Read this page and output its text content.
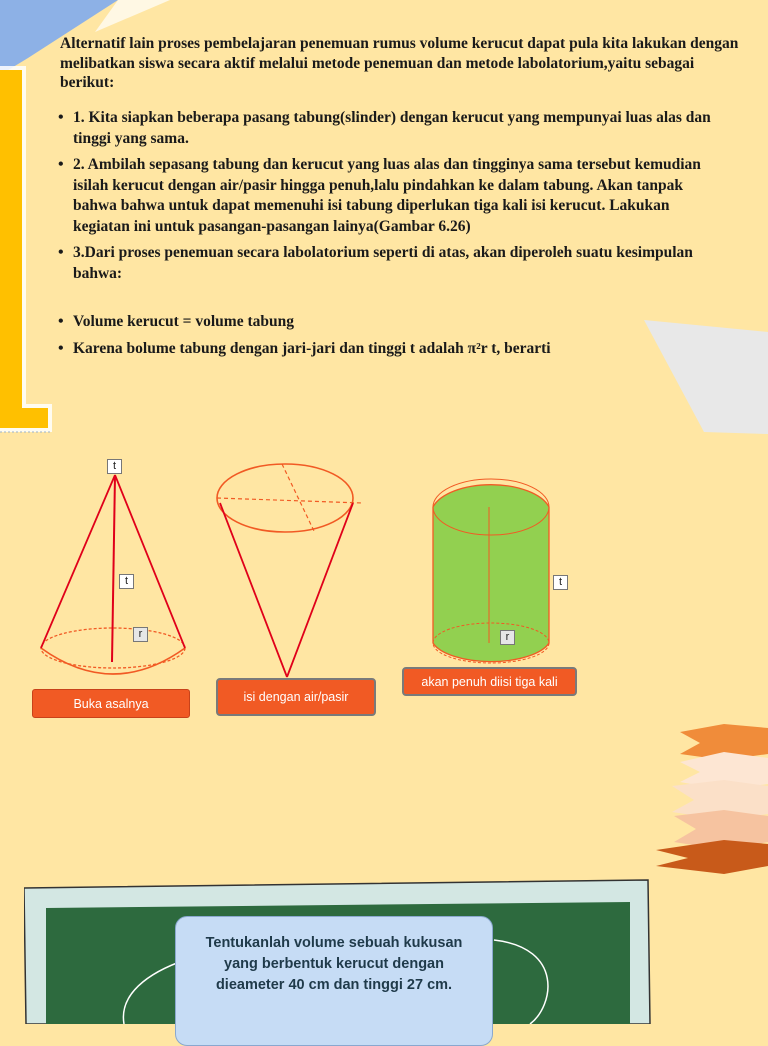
Alternatif lain proses pembelajaran penemuan rumus volume kerucut dapat pula kita lakukan dengan melibatkan siswa secara aktif melalui metode penemuan dan metode labolatorium,yaitu sebagai berikut:

• 1. Kita siapkan beberapa pasang tabung(slinder) dengan kerucut yang mempunyai luas alas dan tinggi yang sama.
• 2. Ambilah sepasang tabung dan kerucut yang luas alas dan tingginya sama tersebut kemudian isilah kerucut dengan air/pasir hingga penuh,lalu pindahkan ke dalam tabung. Akan tanpak bahwa bahwa untuk dapat memenuhi isi tabung diperlukan tiga kali isi kerucut. Lakukan kegiatan ini untuk pasangan-pasangan lainya(Gambar 6.26)
• 3.Dari proses penemuan secara labolatorium seperti di atas, akan diperoleh suatu kesimpulan bahwa:
• Volume kerucut = volume tabung
• Karena bolume tabung dengan jari-jari dan tinggi t adalah π²r t, berarti
t
t
r
t
r
Buka asalnya	isi dengan air/pasir
akan penuh diisi tiga kali
Tentukanlah volume sebuah kukusan yang berbentuk kerucut dengan dieameter 40 cm dan tinggi 27 cm.
